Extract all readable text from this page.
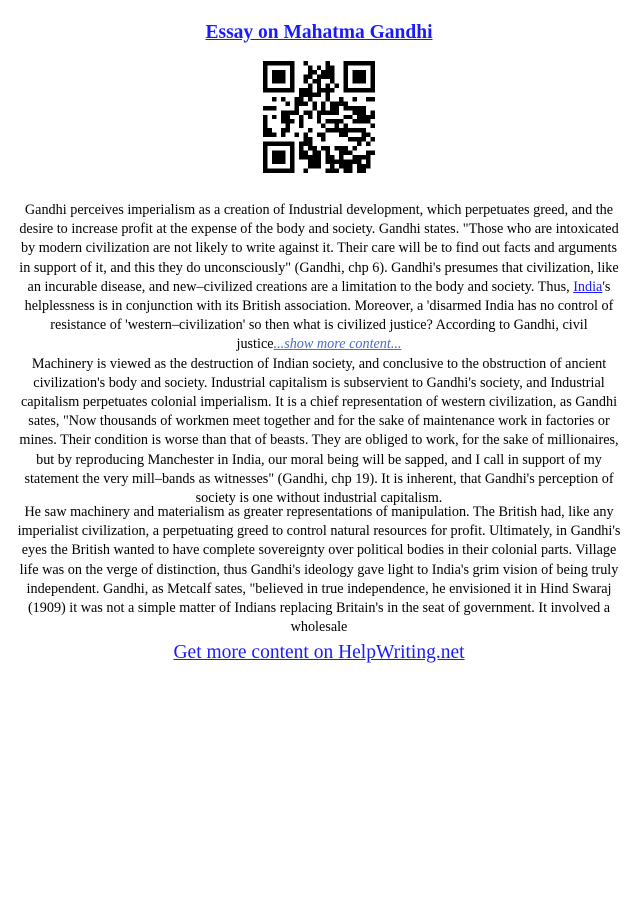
Essay on Mahatma Gandhi
Gandhi perceives imperialism as a creation of Industrial development, which perpetuates greed, and the desire to increase profit at the expense of the body and society. Gandhi states. "Those who are intoxicated by modern civilization are not likely to write against it. Their care will be to find out facts and arguments in support of it, and this they do unconsciously" (Gandhi, chp 6). Gandhi's presumes that civilization, like an incurable disease, and new–civilized creations are a limitation to the body and society. Thus, India's helplessness is in conjunction with its British association. Moreover, a 'disarmed India has no control of resistance of 'western–civilization' so then what is civilized justice? According to Gandhi, civil justice...show more content...
Machinery is viewed as the destruction of Indian society, and conclusive to the obstruction of ancient civilization's body and society. Industrial capitalism is subservient to Gandhi's society, and Industrial capitalism perpetuates colonial imperialism. It is a chief representation of western civilization, as Gandhi sates, "Now thousands of workmen meet together and for the sake of maintenance work in factories or mines. Their condition is worse than that of beasts. They are obliged to work, for the sake of millionaires, but by reproducing Manchester in India, our moral being will be sapped, and I call in support of my statement the very mill–bands as witnesses" (Gandhi, chp 19). It is inherent, that Gandhi's perception of society is one without industrial capitalism.
He saw machinery and materialism as greater representations of manipulation. The British had, like any imperialist civilization, a perpetuating greed to control natural resources for profit. Ultimately, in Gandhi's eyes the British wanted to have complete sovereignty over political bodies in their colonial parts. Village life was on the verge of distinction, thus Gandhi's ideology gave light to India's grim vision of being truly independent. Gandhi, as Metcalf sates, "believed in true independence, he envisioned it in Hind Swaraj (1909) it was not a simple matter of Indians replacing Britain's in the seat of government. It involved a wholesale
Get more content on HelpWriting.net
